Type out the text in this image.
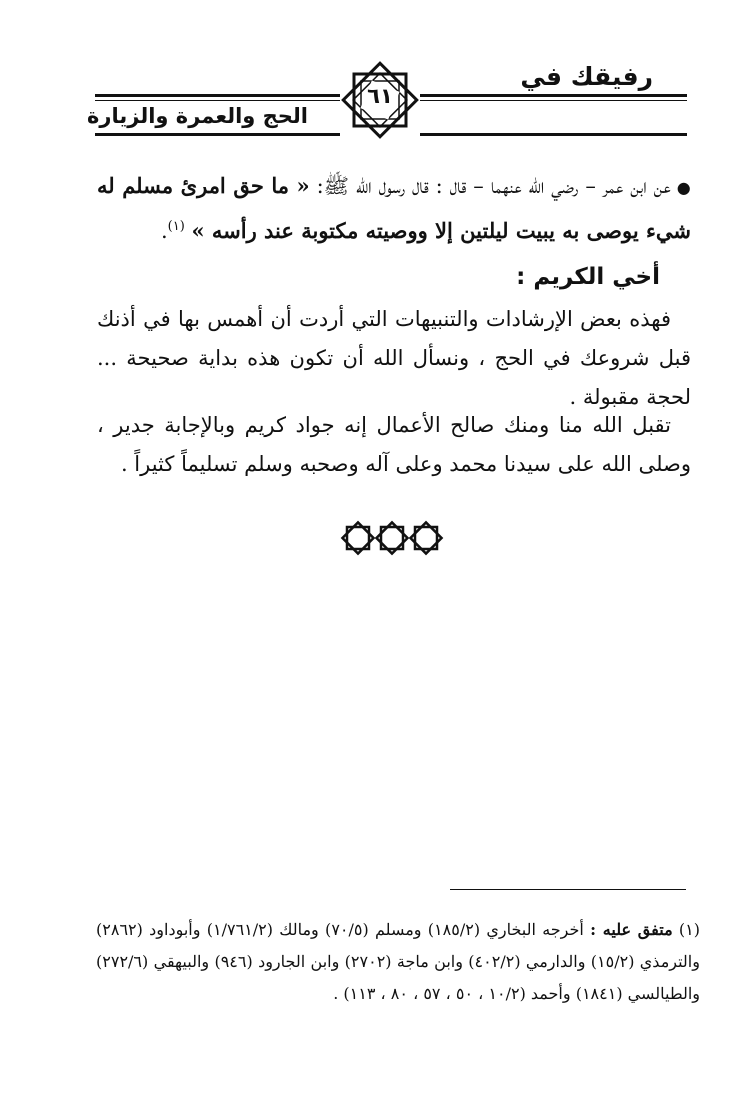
رفيقك في
الحج والعمرة والزيارة
٦١
●عن ابن عمر – رضي الله عنهما – قال : قال رسول الله ﷺ: « ما حق امرئ مسلم له شيء يوصى به يبيت ليلتين إلا ووصيته مكتوبة عند رأسه » $^{(١)}$.
أخي الكريم :
فهذه بعض الإرشادات والتنبيهات التي أردت أن أهمس بها في أذنك قبل شروعك في الحج ، ونسأل الله أن تكون هذه بداية صحيحة ... لحجة مقبولة .
تقبل الله منا ومنك صالح الأعمال إنه جواد كريم وبالإجابة جدير ، وصلى الله على سيدنا محمد وعلى آله وصحبه وسلم تسليماً كثيراً .
(١) متفق عليه : أخرجه البخاري (١٨٥/٢) ومسلم (٧٠/٥) ومالك (١/٧٦١/٢) وأبوداود (٢٨٦٢) والترمذي (١٥/٢) والدارمي (٤٠٢/٢) وابن ماجة (٢٧٠٢) وابن الجارود (٩٤٦) والبيهقي (٢٧٢/٦) والطيالسي (١٨٤١) وأحمد (١٠/٢ ، ٥٠ ، ٥٧ ، ٨٠ ، ١١٣) .
